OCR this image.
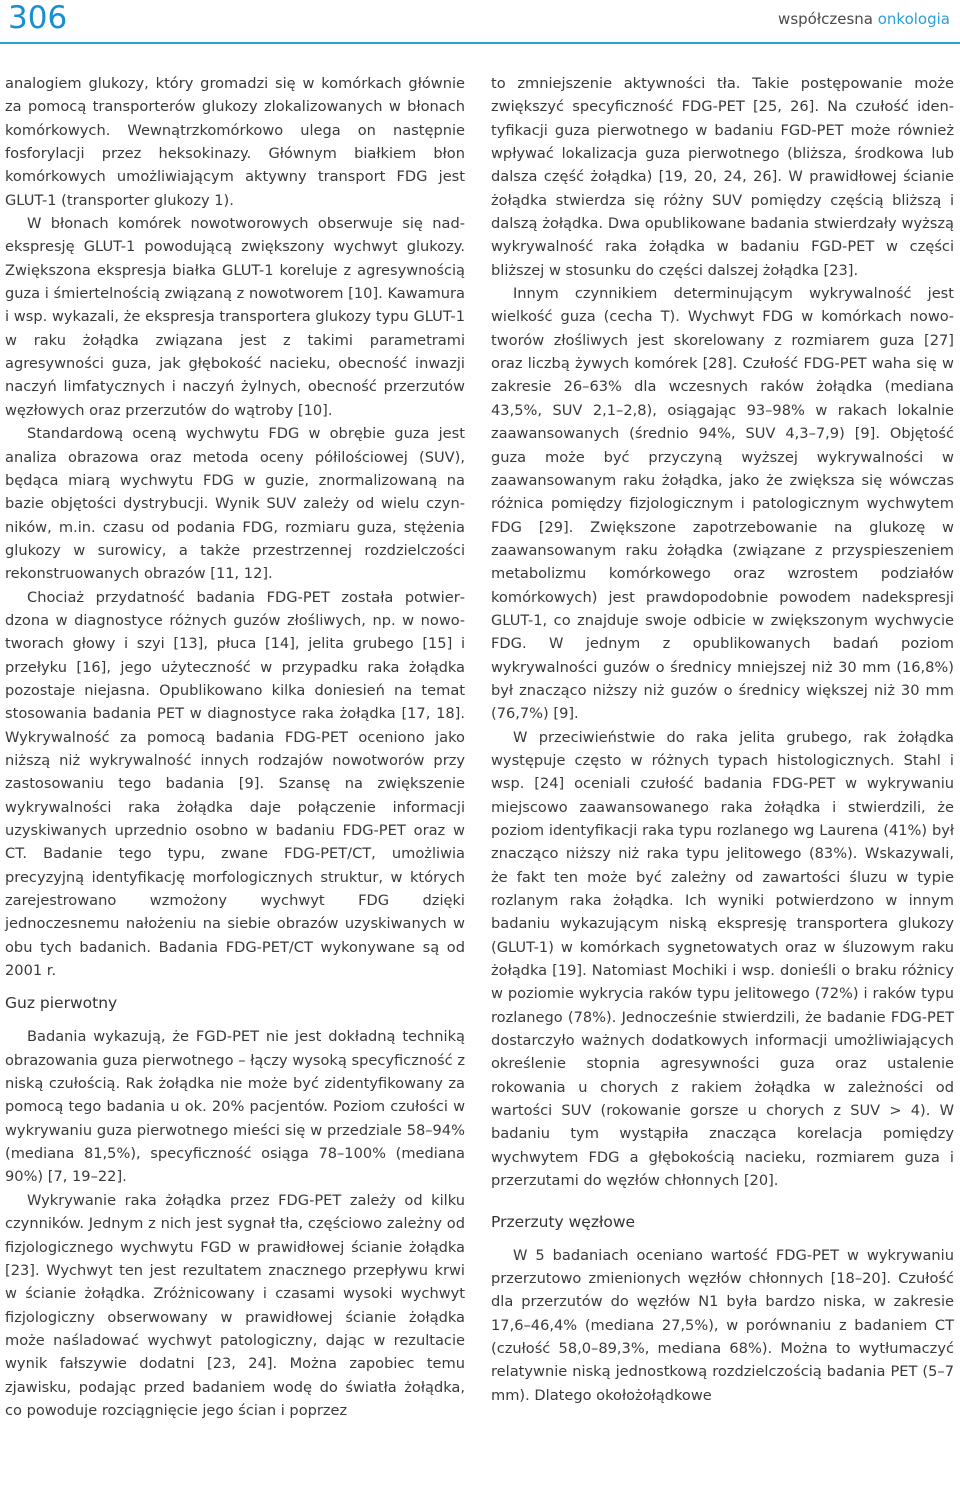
306	współczesna onkologia

analogiem glukozy, który gromadzi się w komórkach głównie za pomocą transporterów glukozy zlokalizowanych w błonach komórkowych. Wewnątrzkomórkowo ulega on następnie fosforylacji przez heksokinazy. Głównym białkiem błon komórkowych umożliwiającym aktywny transport FDG jest GLUT-1 (transporter glukozy 1).

W błonach komórek nowotworowych obserwuje się nadekspresję GLUT-1 powodującą zwiększony wychwyt glukozy. Zwiększona ekspresja białka GLUT-1 koreluje z agresywnością guza i śmiertelnością związaną z nowotworem [10]. Kawamura i wsp. wykazali, że ekspresja transportera glukozy typu GLUT-1 w raku żołądka związana jest z takimi parametrami agresywności guza, jak głębokość nacieku, obecność inwazji naczyń limfatycznych i naczyń żylnych, obecność przerzutów węzłowych oraz przerzutów do wątroby [10].

Standardową oceną wychwytu FDG w obrębie guza jest analiza obrazowa oraz metoda oceny półilościowej (SUV), będąca miarą wychwytu FDG w guzie, znormalizowaną na bazie objętości dystrybucji. Wynik SUV zależy od wielu czynników, m.in. czasu od podania FDG, rozmiaru guza, stężenia glukozy w surowicy, a także przestrzennej rozdzielczości rekonstruowanych obrazów [11, 12].

Chociaż przydatność badania FDG-PET została potwierdzona w diagnostyce różnych guzów złośliwych, np. w nowotworach głowy i szyi [13], płuca [14], jelita grubego [15] i przełyku [16], jego użyteczność w przypadku raka żołądka pozostaje niejasna. Opublikowano kilka doniesień na temat stosowania badania PET w diagnostyce raka żołądka [17, 18]. Wykrywalność za pomocą badania FDG-PET oceniono jako niższą niż wykrywalność innych rodzajów nowotworów przy zastosowaniu tego badania [9]. Szansę na zwiększenie wykrywalności raka żołądka daje połączenie informacji uzyskiwanych uprzednio osobno w badaniu FDG-PET oraz w CT. Badanie tego typu, zwane FDG-PET/CT, umożliwia precyzyjną identyfikację morfologicznych struktur, w których zarejestrowano wzmożony wychwyt FDG dzięki jednoczesnemu nałożeniu na siebie obrazów uzyskiwanych w obu tych badanich. Badania FDG-PET/CT wykonywane są od 2001 r.

Guz pierwotny

Badania wykazują, że FGD-PET nie jest dokładną techniką obrazowania guza pierwotnego – łączy wysoką specyficzność z niską czułością. Rak żołądka nie może być zidentyfikowany za pomocą tego badania u ok. 20% pacjentów. Poziom czułości w wykrywaniu guza pierwotnego mieści się w przedziale 58–94% (mediana 81,5%), specyficzność osiąga 78–100% (mediana 90%) [7, 19–22].

Wykrywanie raka żołądka przez FDG-PET zależy od kilku czynników. Jednym z nich jest sygnał tła, częściowo zależny od fizjologicznego wychwytu FGD w prawidłowej ścianie żołądka [23]. Wychwyt ten jest rezultatem znacznego przepływu krwi w ścianie żołądka. Zróżnicowany i czasami wysoki wychwyt fizjologiczny obserwowany w prawidłowej ścianie żołądka może naśladować wychwyt patologiczny, dając w rezultacie wynik fałszywie dodatni [23, 24]. Można zapobiec temu zjawisku, podając przed badaniem wodę do światła żołądka, co powoduje rozciągnięcie jego ścian i poprzez

to zmniejszenie aktywności tła. Takie postępowanie może zwiększyć specyficzność FDG-PET [25, 26]. Na czułość identyfikacji guza pierwotnego w badaniu FGD-PET może również wpływać lokalizacja guza pierwotnego (bliższa, środkowa lub dalsza część żołądka) [19, 20, 24, 26]. W prawidłowej ścianie żołądka stwierdza się różny SUV pomiędzy częścią bliższą i dalszą żołądka. Dwa opublikowane badania stwierdzały wyższą wykrywalność raka żołądka w badaniu FGD-PET w części bliższej w stosunku do części dalszej żołądka [23].

Innym czynnikiem determinującym wykrywalność jest wielkość guza (cecha T). Wychwyt FDG w komórkach nowotworów złośliwych jest skorelowany z rozmiarem guza [27] oraz liczbą żywych komórek [28]. Czułość FDG-PET waha się w zakresie 26–63% dla wczesnych raków żołądka (mediana 43,5%, SUV 2,1–2,8), osiągając 93–98% w rakach lokalnie zaawansowanych (średnio 94%, SUV 4,3–7,9) [9]. Objętość guza może być przyczyną wyższej wykrywalności w zaawansowanym raku żołądka, jako że zwiększa się wówczas różnica pomiędzy fizjologicznym i patologicznym wychwytem FDG [29]. Zwiększone zapotrzebowanie na glukozę w zaawansowanym raku żołądka (związane z przyspieszeniem metabolizmu komórkowego oraz wzrostem podziałów komórkowych) jest prawdopodobnie powodem nadekspresji GLUT-1, co znajduje swoje odbicie w zwiększonym wychwycie FDG. W jednym z opublikowanych badań poziom wykrywalności guzów o średnicy mniejszej niż 30 mm (16,8%) był znacząco niższy niż guzów o średnicy większej niż 30 mm (76,7%) [9].

W przeciwieństwie do raka jelita grubego, rak żołądka występuje często w różnych typach histologicznych. Stahl i wsp. [24] oceniali czułość badania FDG-PET w wykrywaniu miejscowo zaawansowanego raka żołądka i stwierdzili, że poziom identyfikacji raka typu rozlanego wg Laurena (41%) był znacząco niższy niż raka typu jelitowego (83%). Wskazywali, że fakt ten może być zależny od zawartości śluzu w typie rozlanym raka żołądka. Ich wyniki potwierdzono w innym badaniu wykazującym niską ekspresję transportera glukozy (GLUT-1) w komórkach sygnetowatych oraz w śluzowym raku żołądka [19]. Natomiast Mochiki i wsp. donieśli o braku różnicy w poziomie wykrycia raków typu jelitowego (72%) i raków typu rozlanego (78%). Jednocześnie stwierdzili, że badanie FDG-PET dostarczyło ważnych dodatkowych informacji umożliwiających określenie stopnia agresywności guza oraz ustalenie rokowania u chorych z rakiem żołądka w zależności od wartości SUV (rokowanie gorsze u chorych z SUV > 4). W badaniu tym wystąpiła znacząca korelacja pomiędzy wychwytem FDG a głębokością nacieku, rozmiarem guza i przerzutami do węzłów chłonnych [20].

Przerzuty węzłowe

W 5 badaniach oceniano wartość FDG-PET w wykrywaniu przerzutowo zmienionych węzłów chłonnych [18–20]. Czułość dla przerzutów do węzłów N1 była bardzo niska, w zakresie 17,6–46,4% (mediana 27,5%), w porównaniu z badaniem CT (czułość 58,0–89,3%, mediana 68%). Można to wytłumaczyć relatywnie niską jednostkową rozdzielczością badania PET (5–7 mm). Dlatego okołożołądkowe
